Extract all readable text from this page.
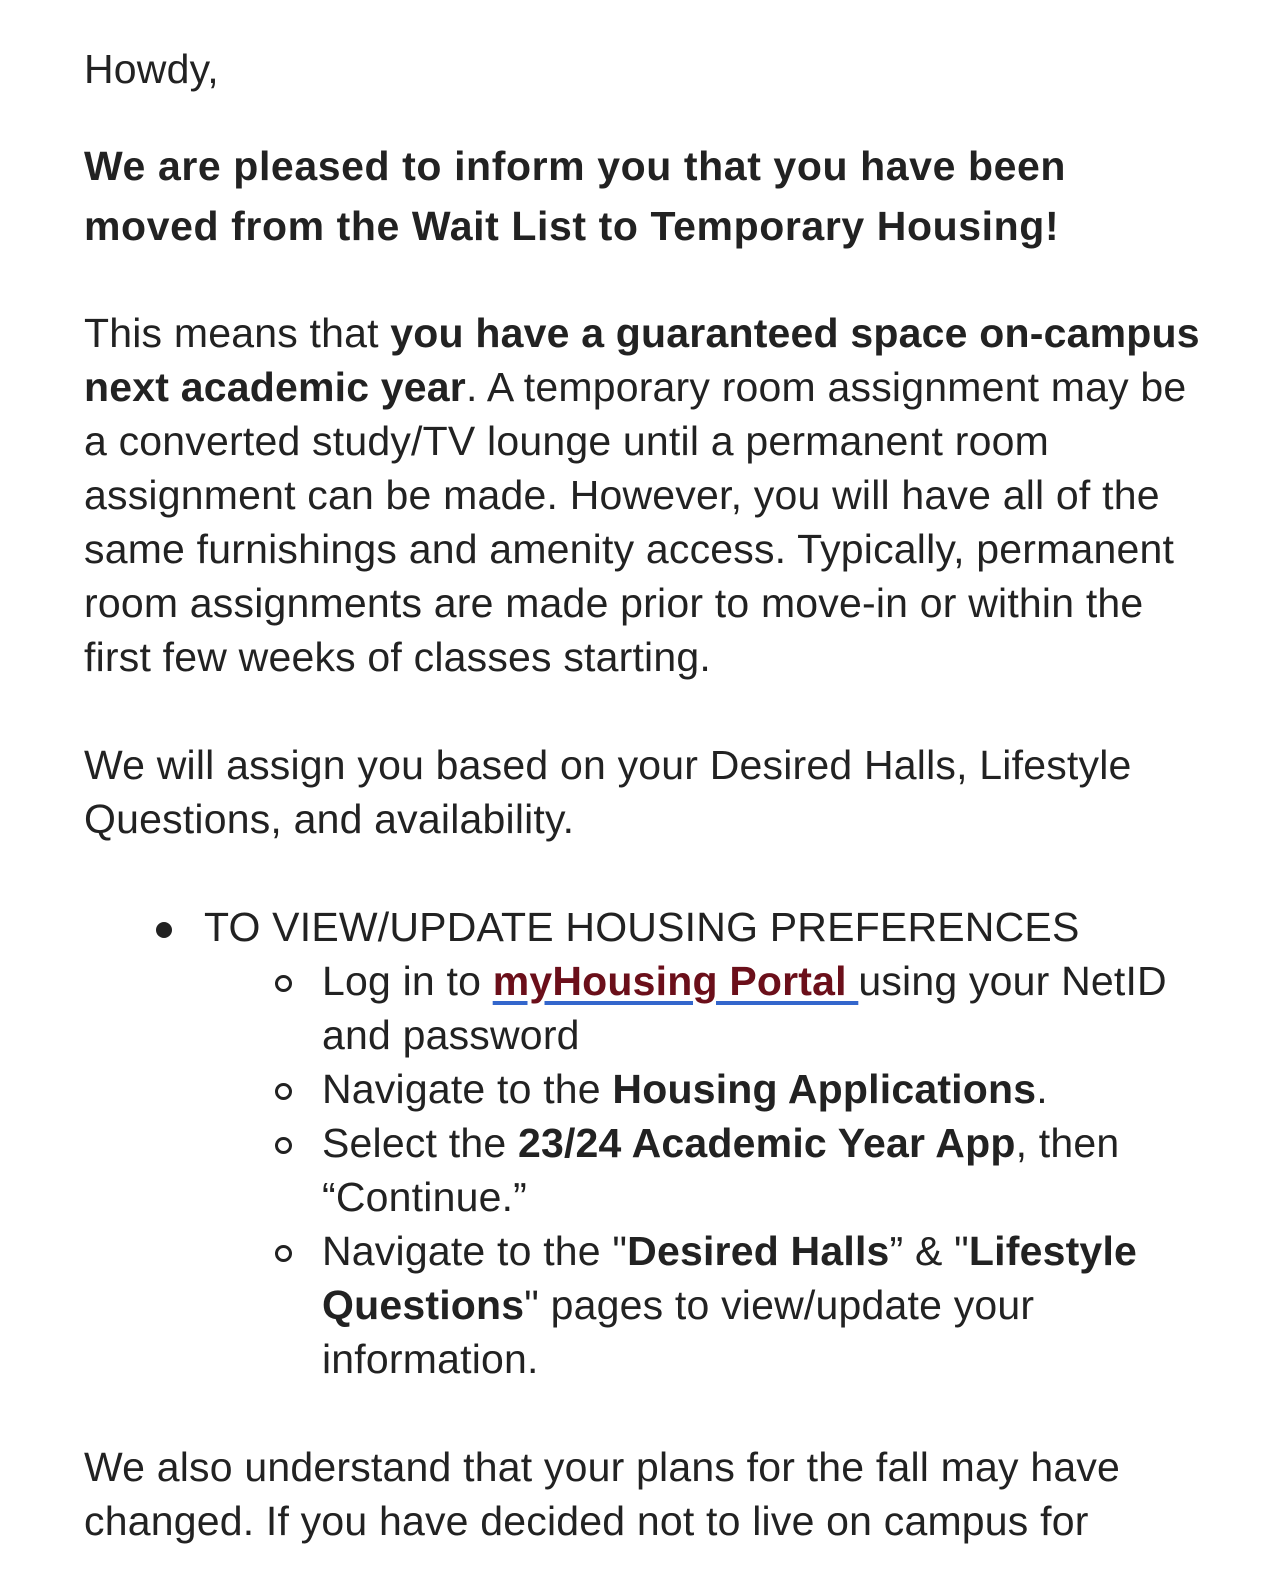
Howdy,

We are pleased to inform you that you have been moved from the Wait List to Temporary Housing!

This means that you have a guaranteed space on-campus next academic year. A temporary room assignment may be a converted study/TV lounge until a permanent room assignment can be made. However, you will have all of the same furnishings and amenity access. Typically, permanent room assignments are made prior to move-in or within the first few weeks of classes starting.

We will assign you based on your Desired Halls, Lifestyle Questions, and availability.

TO VIEW/UPDATE HOUSING PREFERENCES
Log in to myHousing Portal using your NetID and password
Navigate to the Housing Applications.
Select the 23/24 Academic Year App, then “Continue.”
Navigate to the "Desired Halls” & "Lifestyle Questions" pages to view/update your information.

We also understand that your plans for the fall may have changed. If you have decided not to live on campus for
